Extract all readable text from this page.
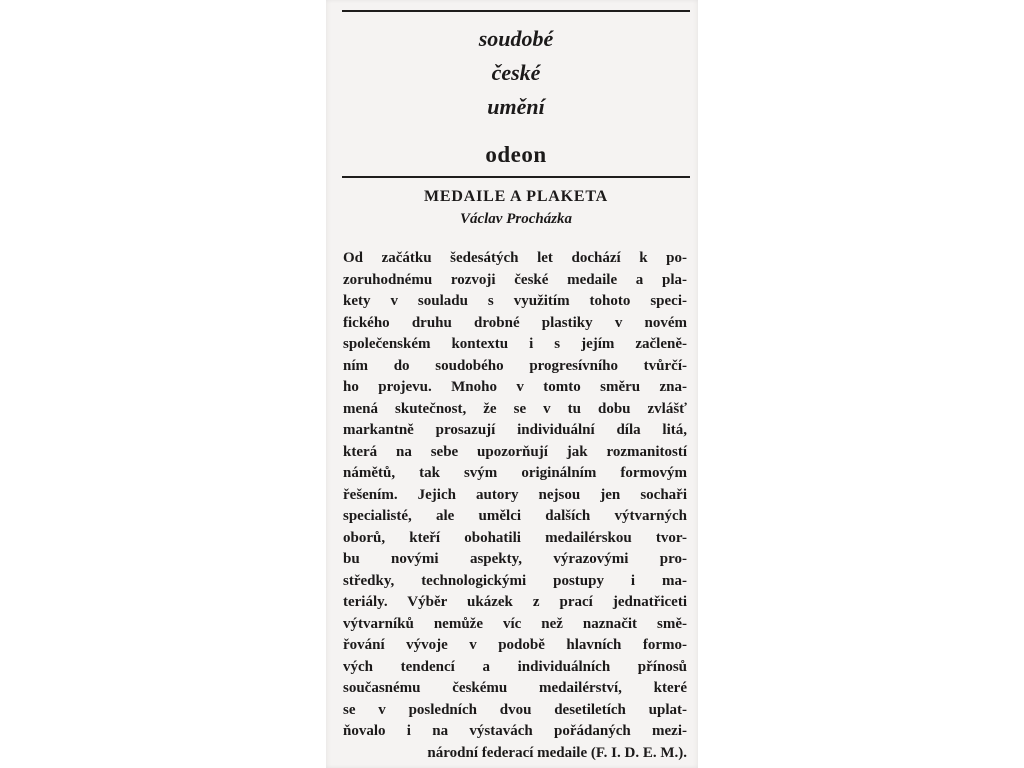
soudobé
české
umění
odeon
MEDAILE A PLAKETA
Václav Procházka
Od začátku šedesátých let dochází k po-
zoruhodnému rozvoji české medaile a pla-
kety v souladu s využitím tohoto speci-
fického druhu drobné plastiky v novém
společenském kontextu i s jejím začleně-
ním do soudobého progresívního tvůrčí-
ho projevu. Mnoho v tomto směru zna-
mená skutečnost, že se v tu dobu zvlášť
markantně prosazují individuální díla litá,
která na sebe upozorňují jak rozmanitostí
námětů, tak svým originálním formovým
řešením. Jejich autory nejsou jen sochaři
specialisté, ale umělci dalších výtvarných
oborů, kteří obohatili medailérskou tvor-
bu novými aspekty, výrazovými pro-
středky, technologickými postupy i ma-
teriály. Výběr ukázek z prací jednatřiceti
výtvarníků nemůže víc než naznačit smě-
řování vývoje v podobě hlavních formo-
vých tendencí a individuálních přínosů
současnému českému medailérství, které
se v posledních dvou desetiletích uplat-
ňovalo i na výstavách pořádaných mezi-
národní federací medaile (F. I. D. E. M.).
